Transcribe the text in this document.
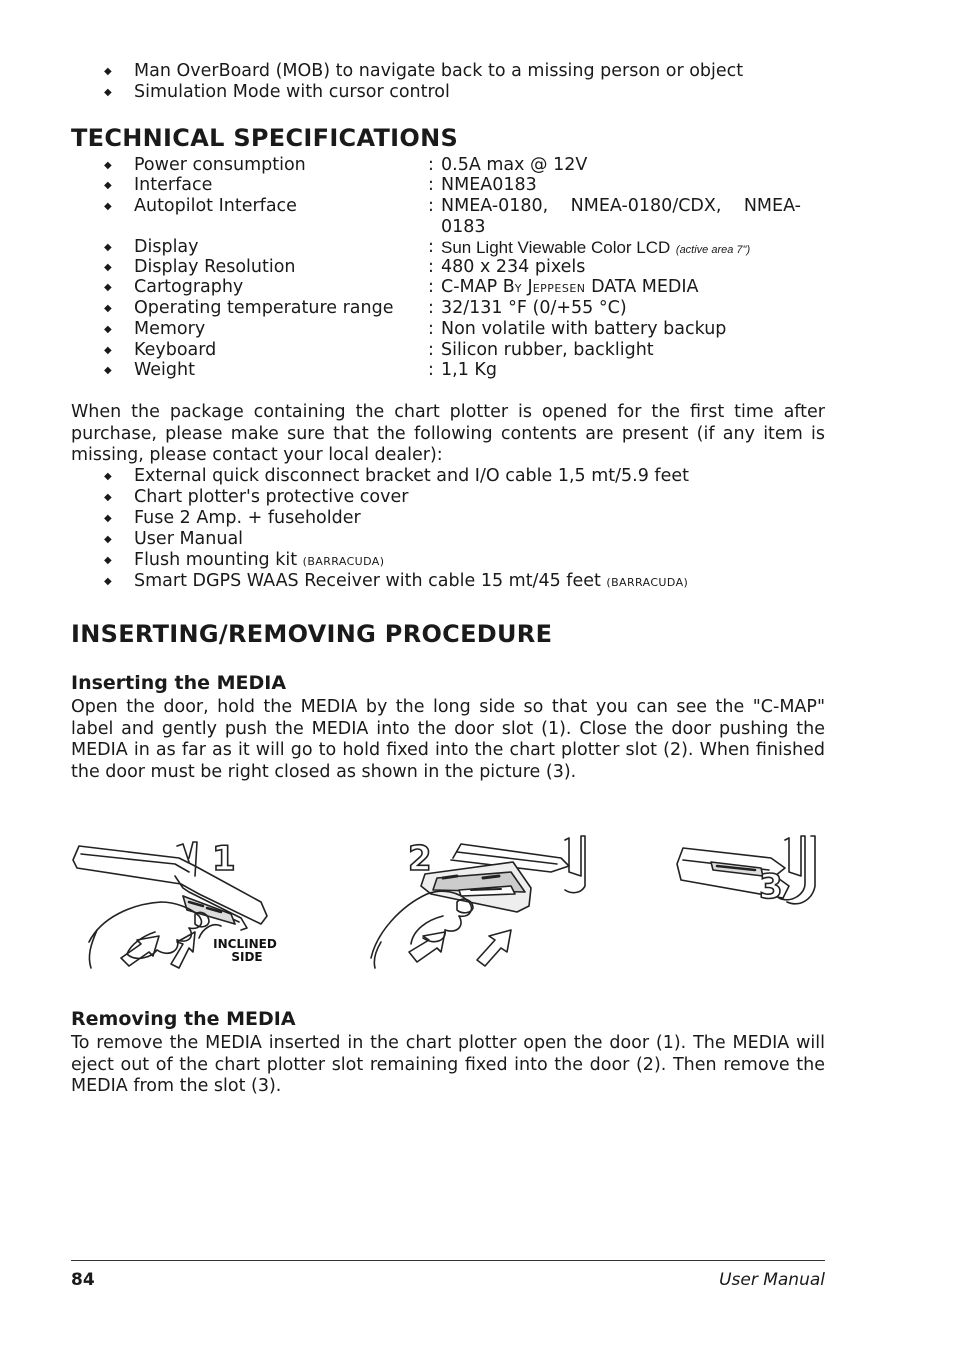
◆ Man OverBoard (MOB) to navigate back to a missing person or object
◆ Simulation Mode with cursor control
TECHNICAL SPECIFICATIONS
◆ Power consumption	: 0.5A max @ 12V
◆ Interface	: NMEA0183
◆ Autopilot Interface	: NMEA-0180, NMEA-0180/CDX, NMEA-0183
◆ Display	: Sun Light Viewable Color LCD (active area 7")
◆ Display Resolution	: 480 x 234 pixels
◆ Cartography	: C-MAP BY JEPPESEN DATA MEDIA
◆ Operating temperature range : 32/131 °F (0/+55 °C)
◆ Memory	: Non volatile with battery backup
◆ Keyboard	: Silicon rubber, backlight
◆ Weight	: 1,1 Kg
When the package containing the chart plotter is opened for the first time after purchase, please make sure that the following contents are present (if any item is missing, please contact your local dealer):
◆ External quick disconnect bracket and I/O cable 1,5 mt/5.9 feet
◆ Chart plotter's protective cover
◆ Fuse 2 Amp. + fuseholder
◆ User Manual
◆ Flush mounting kit (BARRACUDA)
◆ Smart DGPS WAAS Receiver with cable 15 mt/45 feet (BARRACUDA)
INSERTING/REMOVING PROCEDURE
Inserting the MEDIA
Open the door, hold the MEDIA by the long side so that you can see the "C-MAP" label and gently push the MEDIA into the door slot (1). Close the door pushing the MEDIA in as far as it will go to hold fixed into the chart plotter slot (2). When finished the door must be right closed as shown in the picture (3).
Removing the MEDIA
To remove the MEDIA inserted in the chart plotter open the door (1). The MEDIA will eject out of the chart plotter slot remaining fixed into the door (2). Then remove the MEDIA from the slot (3).
1	2
3
INCLINED
SIDE
84	User Manual
